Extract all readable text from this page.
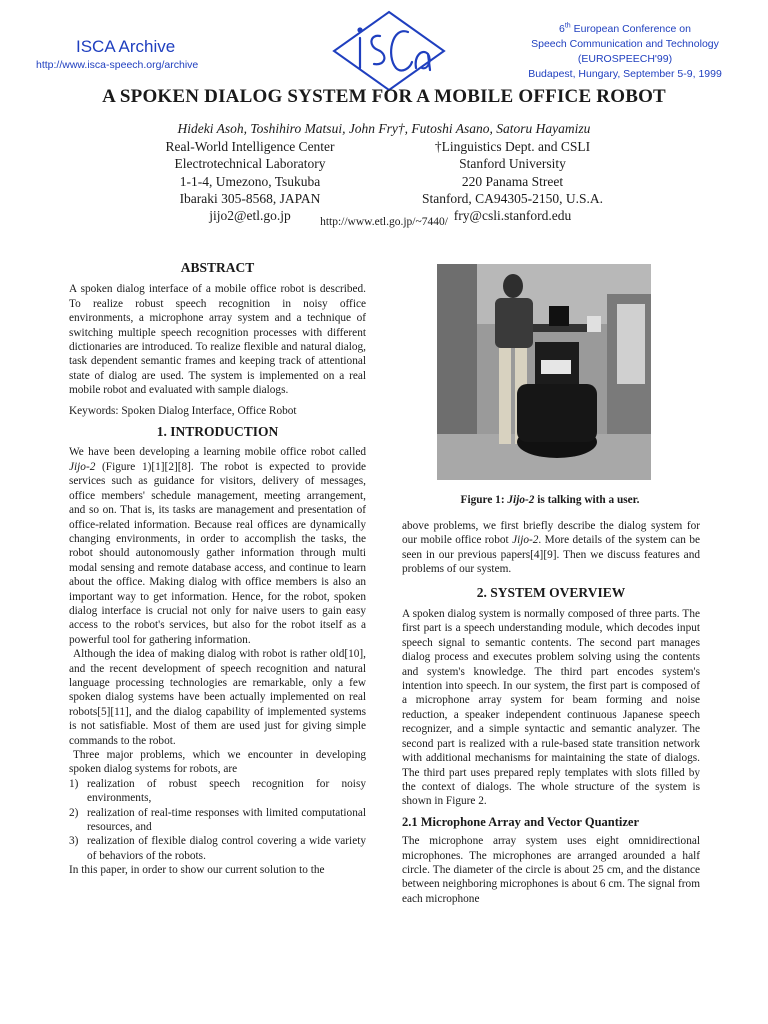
ISCA Archive
http://www.isca-speech.org/archive
6th European Conference on
Speech Communication and Technology
(EUROSPEECH'99)
Budapest, Hungary, September 5-9, 1999
A SPOKEN DIALOG SYSTEM FOR A MOBILE OFFICE ROBOT
Hideki Asoh, Toshihiro Matsui, John Fry†, Futoshi Asano, Satoru Hayamizu
Real-World Intelligence Center
Electrotechnical Laboratory
1-1-4, Umezono, Tsukuba
Ibaraki 305-8568, JAPAN
jijo2@etl.go.jp
†Linguistics Dept. and CSLI
Stanford University
220 Panama Street
Stanford, CA94305-2150, U.S.A.
fry@csli.stanford.edu
http://www.etl.go.jp/~7440/
ABSTRACT

A spoken dialog interface of a mobile office robot is described. To realize robust speech recognition in noisy office environments, a microphone array system and a technique of switching multiple speech recognition processes with different dictionaries are introduced. To realize flexible and natural dialog, task dependent semantic frames and keeping track of attentional state of dialog are used. The system is implemented on a real mobile robot and evaluated with sample dialogs.

Keywords: Spoken Dialog Interface, Office Robot

1. INTRODUCTION

We have been developing a learning mobile office robot called Jijo-2 (Figure 1)[1][2][8]. The robot is expected to provide services such as guidance for visitors, delivery of messages, office members' schedule management, meeting arrangement, and so on. That is, its tasks are management and presentation of office-related information. Because real offices are dynamically changing environments, in order to accomplish the tasks, the robot should autonomously gather information through multi modal sensing and remote database access, and continue to learn about the office. Making dialog with office members is also an important way to get information. Hence, for the robot, spoken dialog interface is crucial not only for naive users to gain easy access to the robot's services, but also for the robot itself as a powerful tool for gathering information.

Although the idea of making dialog with robot is rather old[10], and the recent development of speech recognition and natural language processing technologies are remarkable, only a few spoken dialog systems have been actually implemented on real robots[5][11], and the dialog capability of implemented systems is not satisfiable. Most of them are used just for giving simple commands to the robot.

Three major problems, which we encounter in developing spoken dialog systems for robots, are

1) realization of robust speech recognition for noisy environments,
2) realization of real-time responses with limited computational resources, and
3) realization of flexible dialog control covering a wide variety of behaviors of the robots.

In this paper, in order to show our current solution to the

Figure 1: Jijo-2 is talking with a user.

above problems, we first briefly describe the dialog system for our mobile office robot Jijo-2. More details of the system can be seen in our previous papers[4][9]. Then we discuss features and problems of our system.

2. SYSTEM OVERVIEW

A spoken dialog system is normally composed of three parts. The first part is a speech understanding module, which decodes input speech signal to semantic contents. The second part manages dialog process and executes problem solving using the contents and system's knowledge. The third part encodes system's intention into speech. In our system, the first part is composed of a microphone array system for beam forming and noise reduction, a speaker independent continuous Japanese speech recognizer, and a simple syntactic and semantic analyzer. The second part is realized with a rule-based state transition network with additional mechanisms for maintaining the state of dialogs. The third part uses prepared reply templates with slots filled by the context of dialogs. The whole structure of the system is shown in Figure 2.

2.1 Microphone Array and Vector Quantizer

The microphone array system uses eight omnidirectional microphones. The microphones are arranged arounded a half circle. The diameter of the circle is about 25 cm, and the distance between neighboring microphones is about 6 cm. The signal from each microphone
